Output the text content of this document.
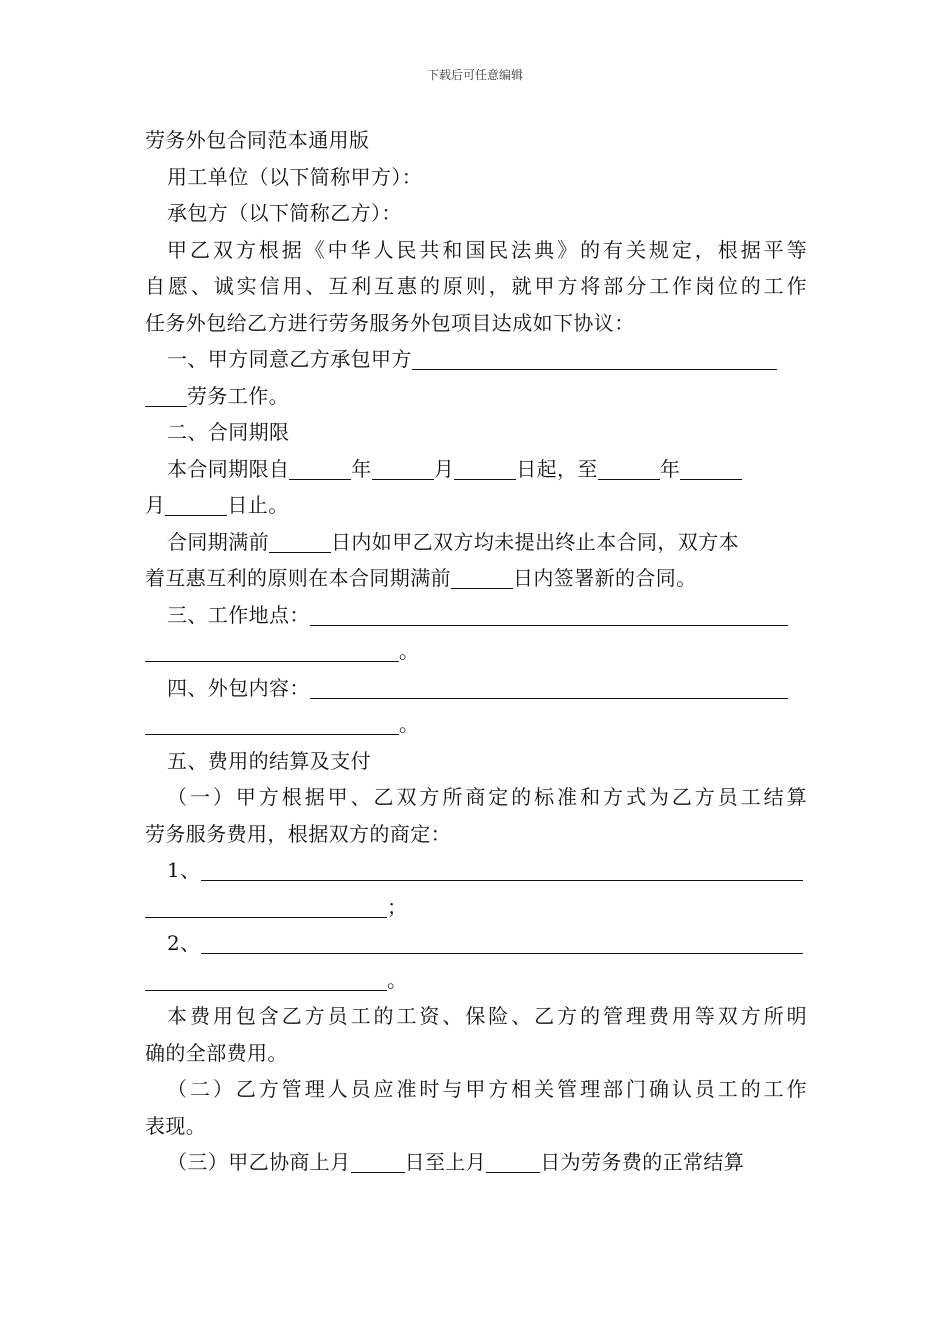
下载后可任意编辑
劳务外包合同范本通用版
用工单位（以下简称甲方）：
承包方（以下简称乙方）：
甲乙双方根据《中华人民共和国民法典》的有关规定，根据平等
自愿、诚实信用、互利互惠的原则，就甲方将部分工作岗位的工作
任务外包给乙方进行劳务服务外包项目达成如下协议：
一、甲方同意乙方承包甲方
劳务工作。
二、合同期限
本合同期限自	年	月	日起，至	年
月	日止。
合同期满前	日内如甲乙双方均未提出终止本合同，双方本
着互惠互利的原则在本合同期满前	日内签署新的合同。
三、工作地点：
。
四、外包内容：
。
五、费用的结算及支付
（一）甲方根据甲、乙双方所商定的标准和方式为乙方员工结算
劳务服务费用，根据双方的商定：
1、
；
2、
。
本费用包含乙方员工的工资、保险、乙方的管理费用等双方所明
确的全部费用。
（二）乙方管理人员应准时与甲方相关管理部门确认员工的工作
表现。
（三）甲乙协商上月	日至上月	日为劳务费的正常结算
